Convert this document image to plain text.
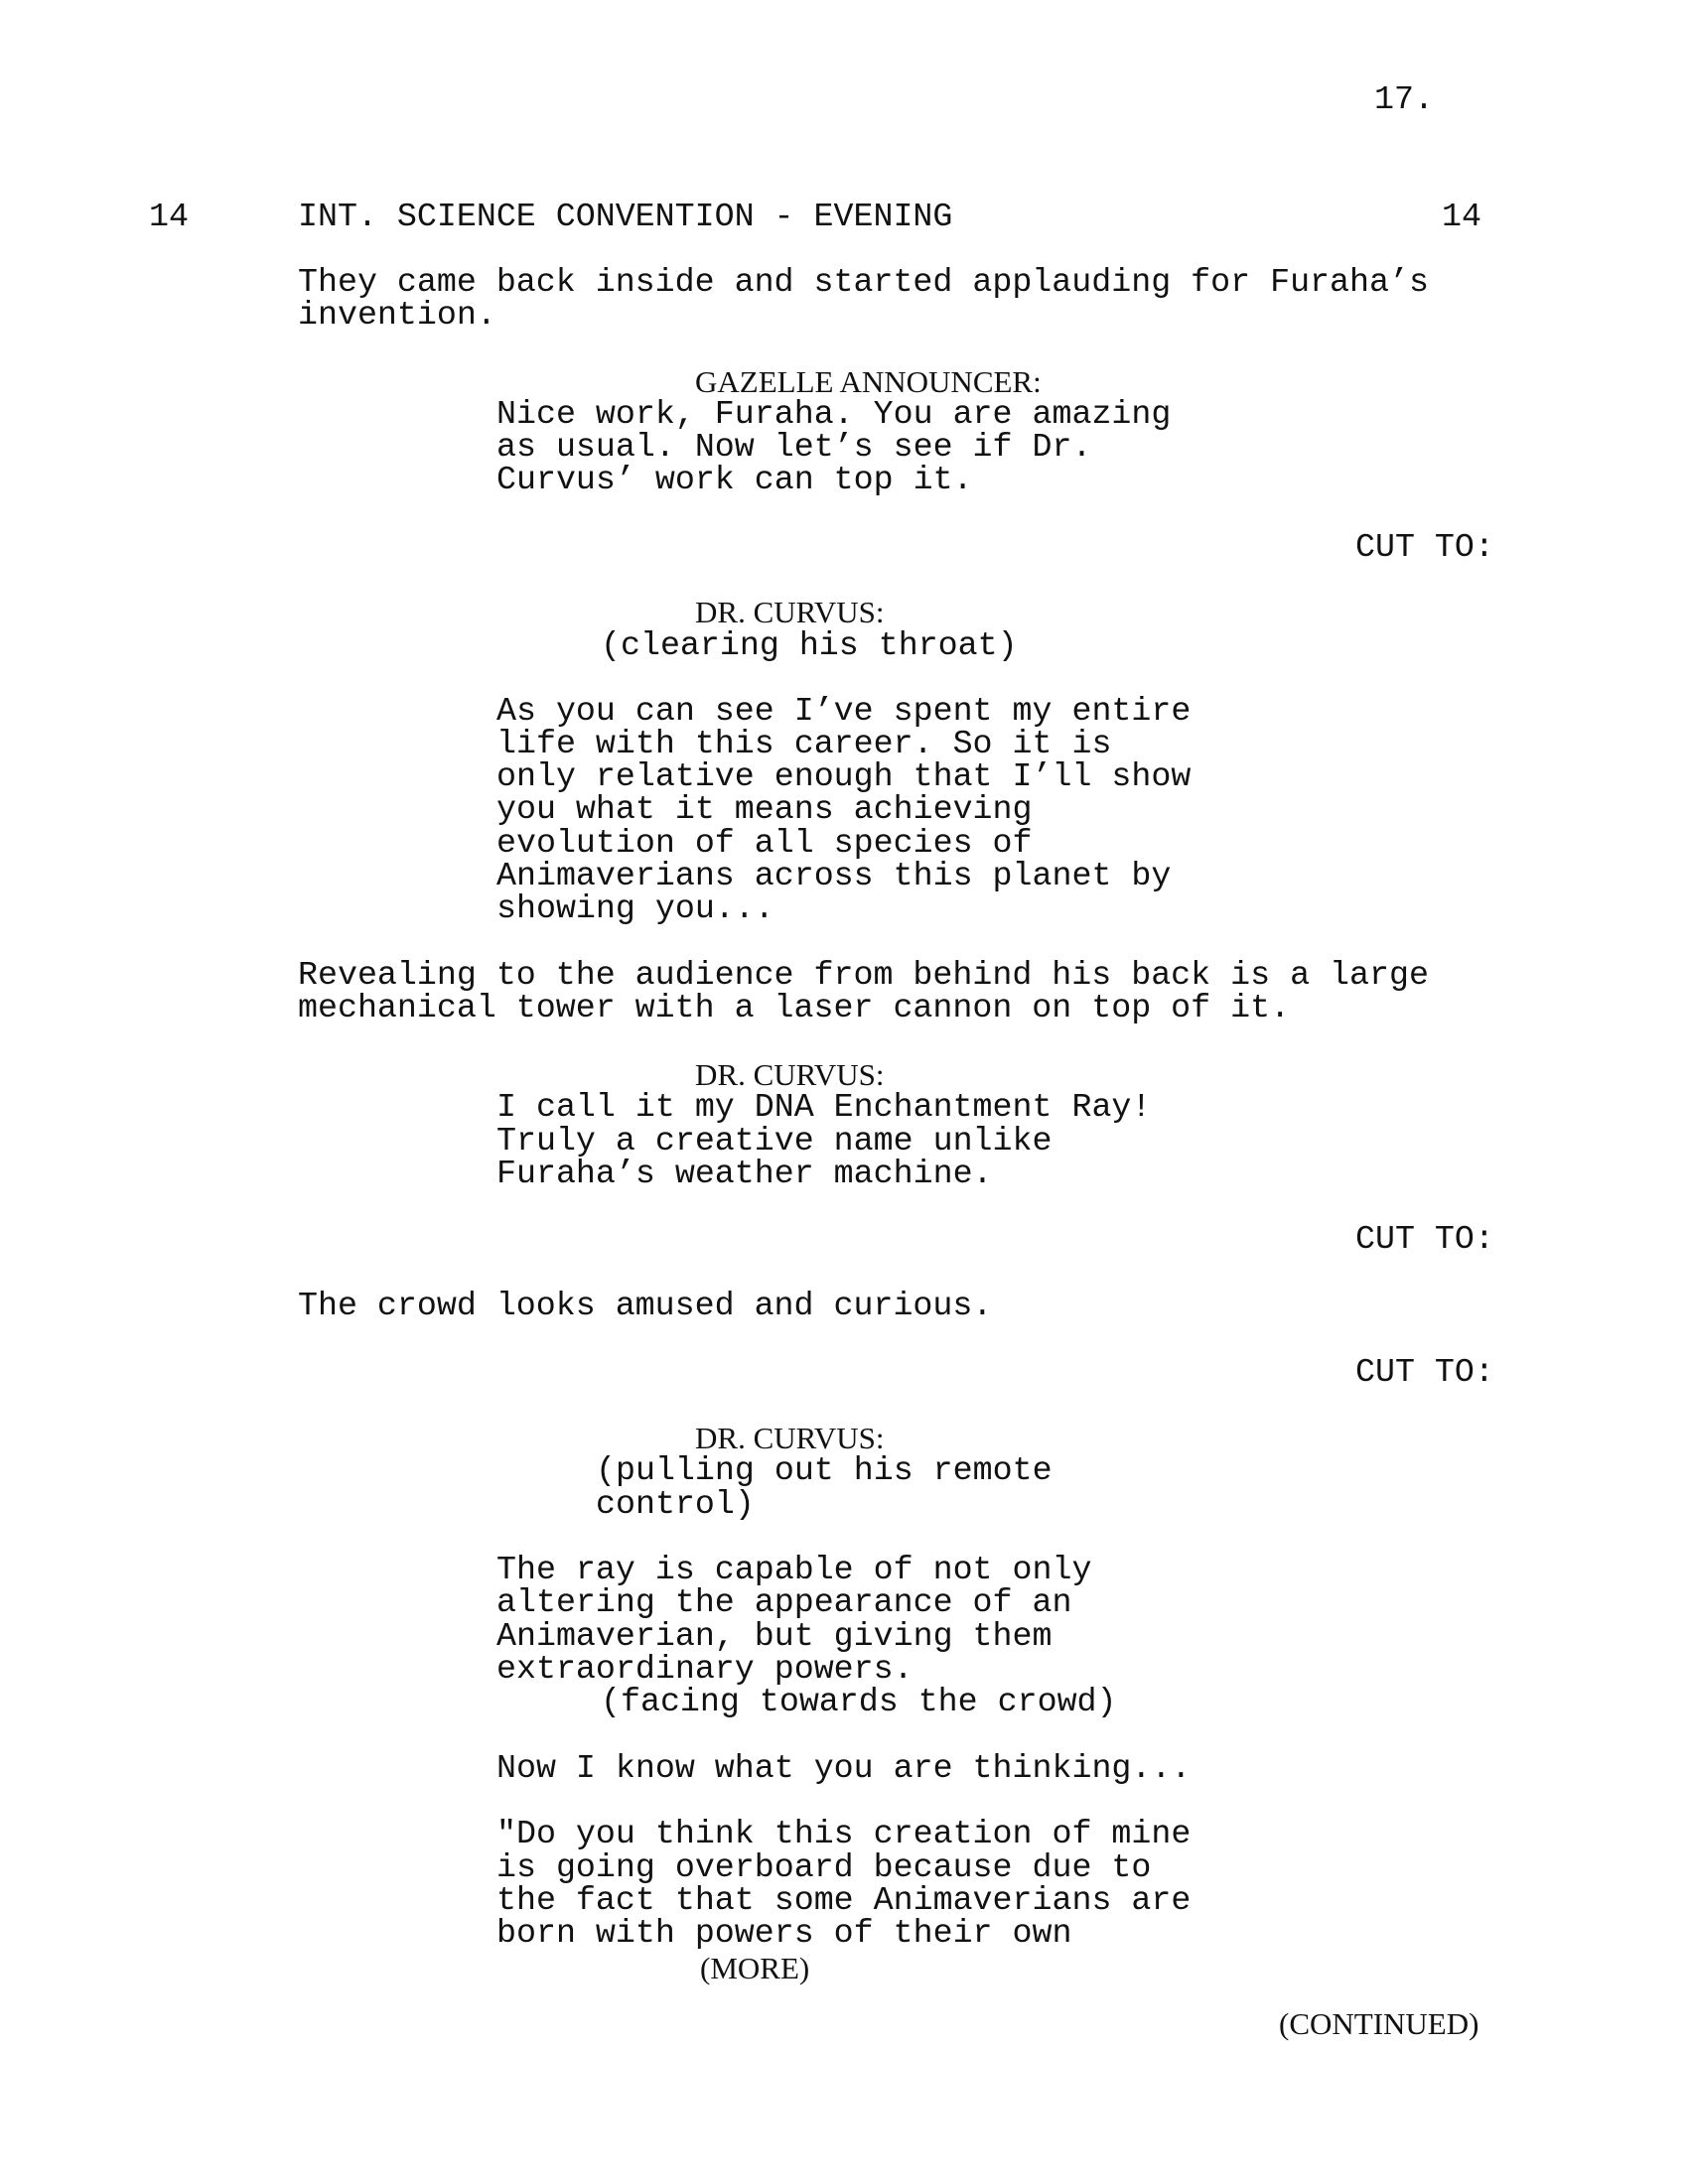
17.
14	INT. SCIENCE CONVENTION - EVENING	14
They came back inside and started applauding for Furaha’s
invention.
GAZELLE ANNOUNCER:
Nice work, Furaha. You are amazing
as usual. Now let’s see if Dr.
Curvus’ work can top it.
CUT TO:
DR. CURVUS:
(clearing his throat)
As you can see I’ve spent my entire
life with this career. So it is
only relative enough that I’ll show
you what it means achieving
evolution of all species of
Animaverians across this planet by
showing you...
Revealing to the audience from behind his back is a large
mechanical tower with a laser cannon on top of it.
DR. CURVUS:
I call it my DNA Enchantment Ray!
Truly a creative name unlike
Furaha’s weather machine.
CUT TO:
The crowd looks amused and curious.
CUT TO:
DR. CURVUS:
(pulling out his remote
control)
The ray is capable of not only
altering the appearance of an
Animaverian, but giving them
extraordinary powers.
(facing towards the crowd)
Now I know what you are thinking...
"Do you think this creation of mine
is going overboard because due to
the fact that some Animaverians are
born with powers of their own
(MORE)
(CONTINUED)
